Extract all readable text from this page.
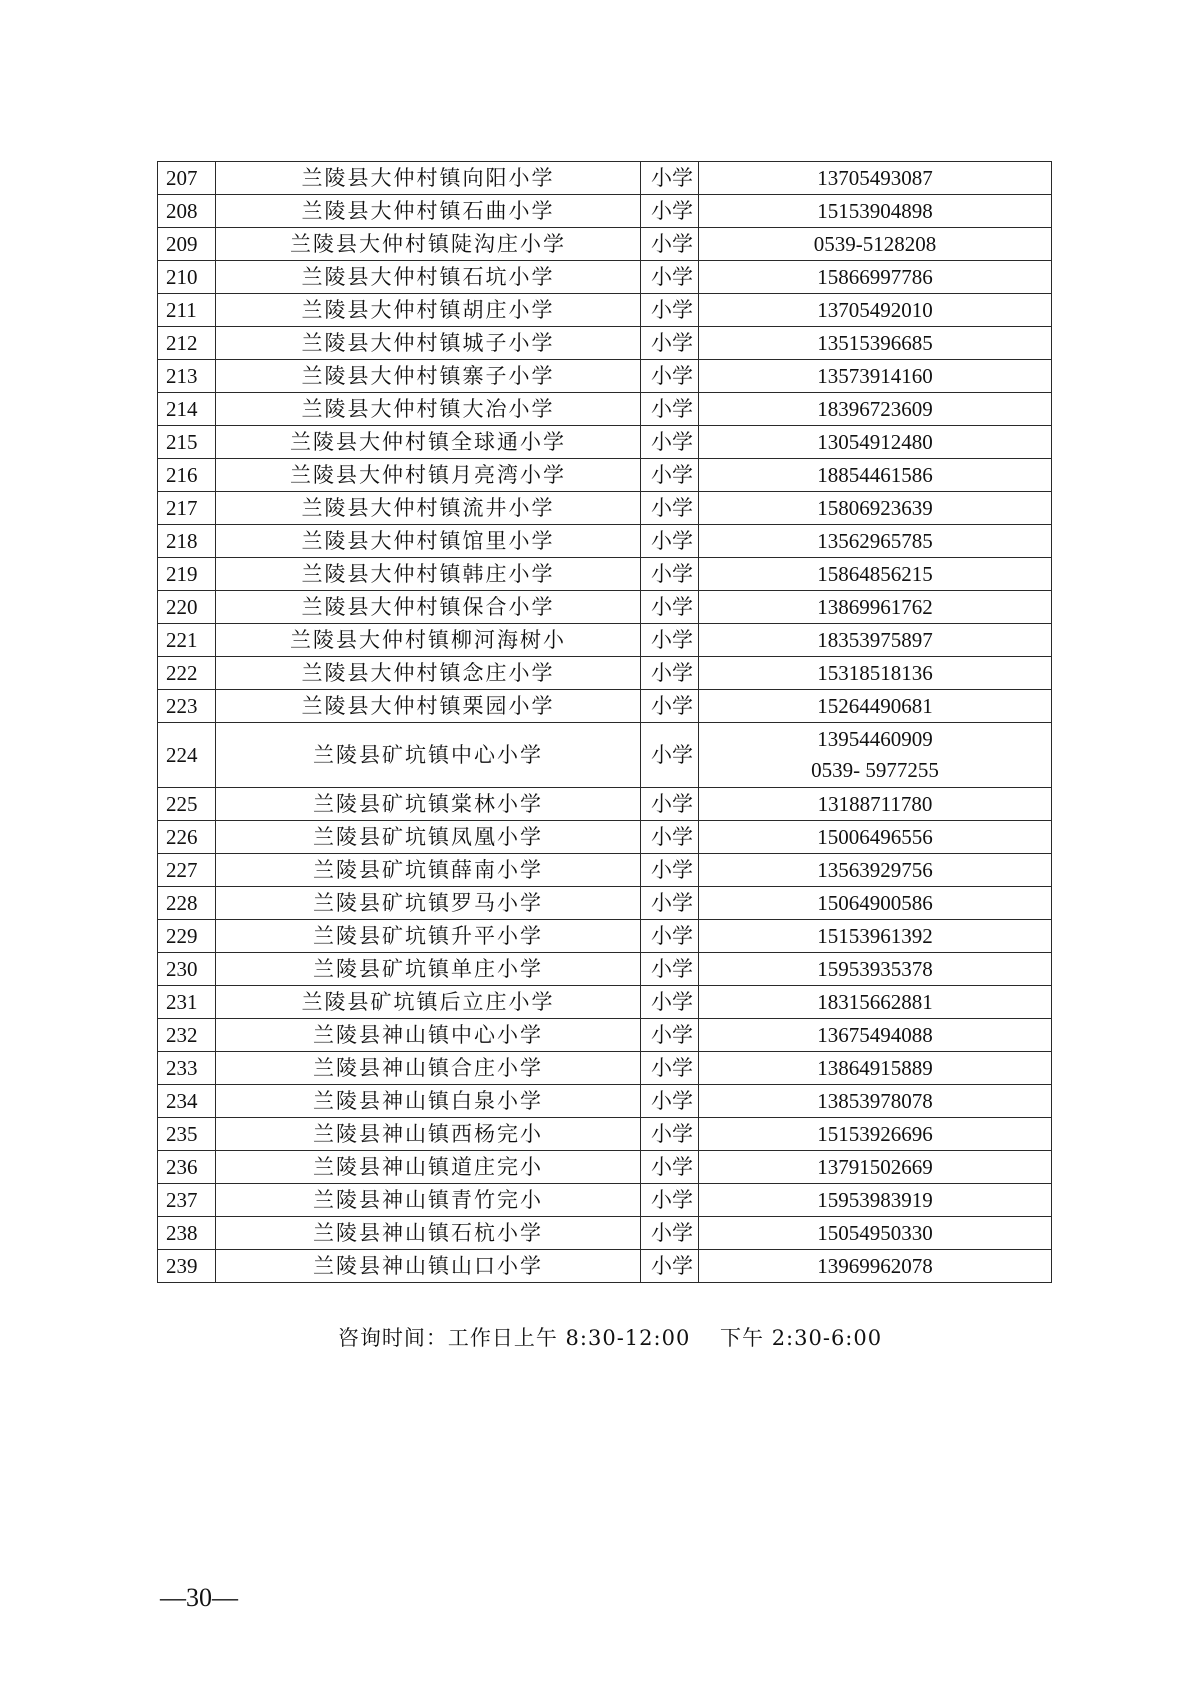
207	兰陵县大仲村镇向阳小学	小学	13705493087

208	兰陵县大仲村镇石曲小学	小学	15153904898

209	兰陵县大仲村镇陡沟庄小学	小学	0539-5128208

210	兰陵县大仲村镇石坑小学	小学	15866997786

211	兰陵县大仲村镇胡庄小学	小学	13705492010

212	兰陵县大仲村镇城子小学	小学	13515396685

213	兰陵县大仲村镇寨子小学	小学	13573914160

214	兰陵县大仲村镇大冶小学	小学	18396723609

215	兰陵县大仲村镇全球通小学	小学	13054912480

216	兰陵县大仲村镇月亮湾小学	小学	18854461586

217	兰陵县大仲村镇流井小学	小学	15806923639

218	兰陵县大仲村镇馆里小学	小学	13562965785

219	兰陵县大仲村镇韩庄小学	小学	15864856215

220	兰陵县大仲村镇保合小学	小学	13869961762

221	兰陵县大仲村镇柳河海树小	小学	18353975897

222	兰陵县大仲村镇念庄小学	小学	15318518136

223	兰陵县大仲村镇栗园小学	小学	15264490681

224	兰陵县矿坑镇中心小学	小学	13954460909
0539- 5977255

225	兰陵县矿坑镇棠林小学	小学	13188711780

226	兰陵县矿坑镇凤凰小学	小学	15006496556

227	兰陵县矿坑镇薛南小学	小学	13563929756

228	兰陵县矿坑镇罗马小学	小学	15064900586

229	兰陵县矿坑镇升平小学	小学	15153961392

230	兰陵县矿坑镇单庄小学	小学	15953935378

231	兰陵县矿坑镇后立庄小学	小学	18315662881

232	兰陵县神山镇中心小学	小学	13675494088

233	兰陵县神山镇合庄小学	小学	13864915889

234	兰陵县神山镇白泉小学	小学	13853978078

235	兰陵县神山镇西杨完小	小学	15153926696

236	兰陵县神山镇道庄完小	小学	13791502669

237	兰陵县神山镇青竹完小	小学	15953983919

238	兰陵县神山镇石杭小学	小学	15054950330

239	兰陵县神山镇山口小学	小学	13969962078
咨询时间：工作日上午 8:30-12:00 下午 2:30-6:00
—30—
